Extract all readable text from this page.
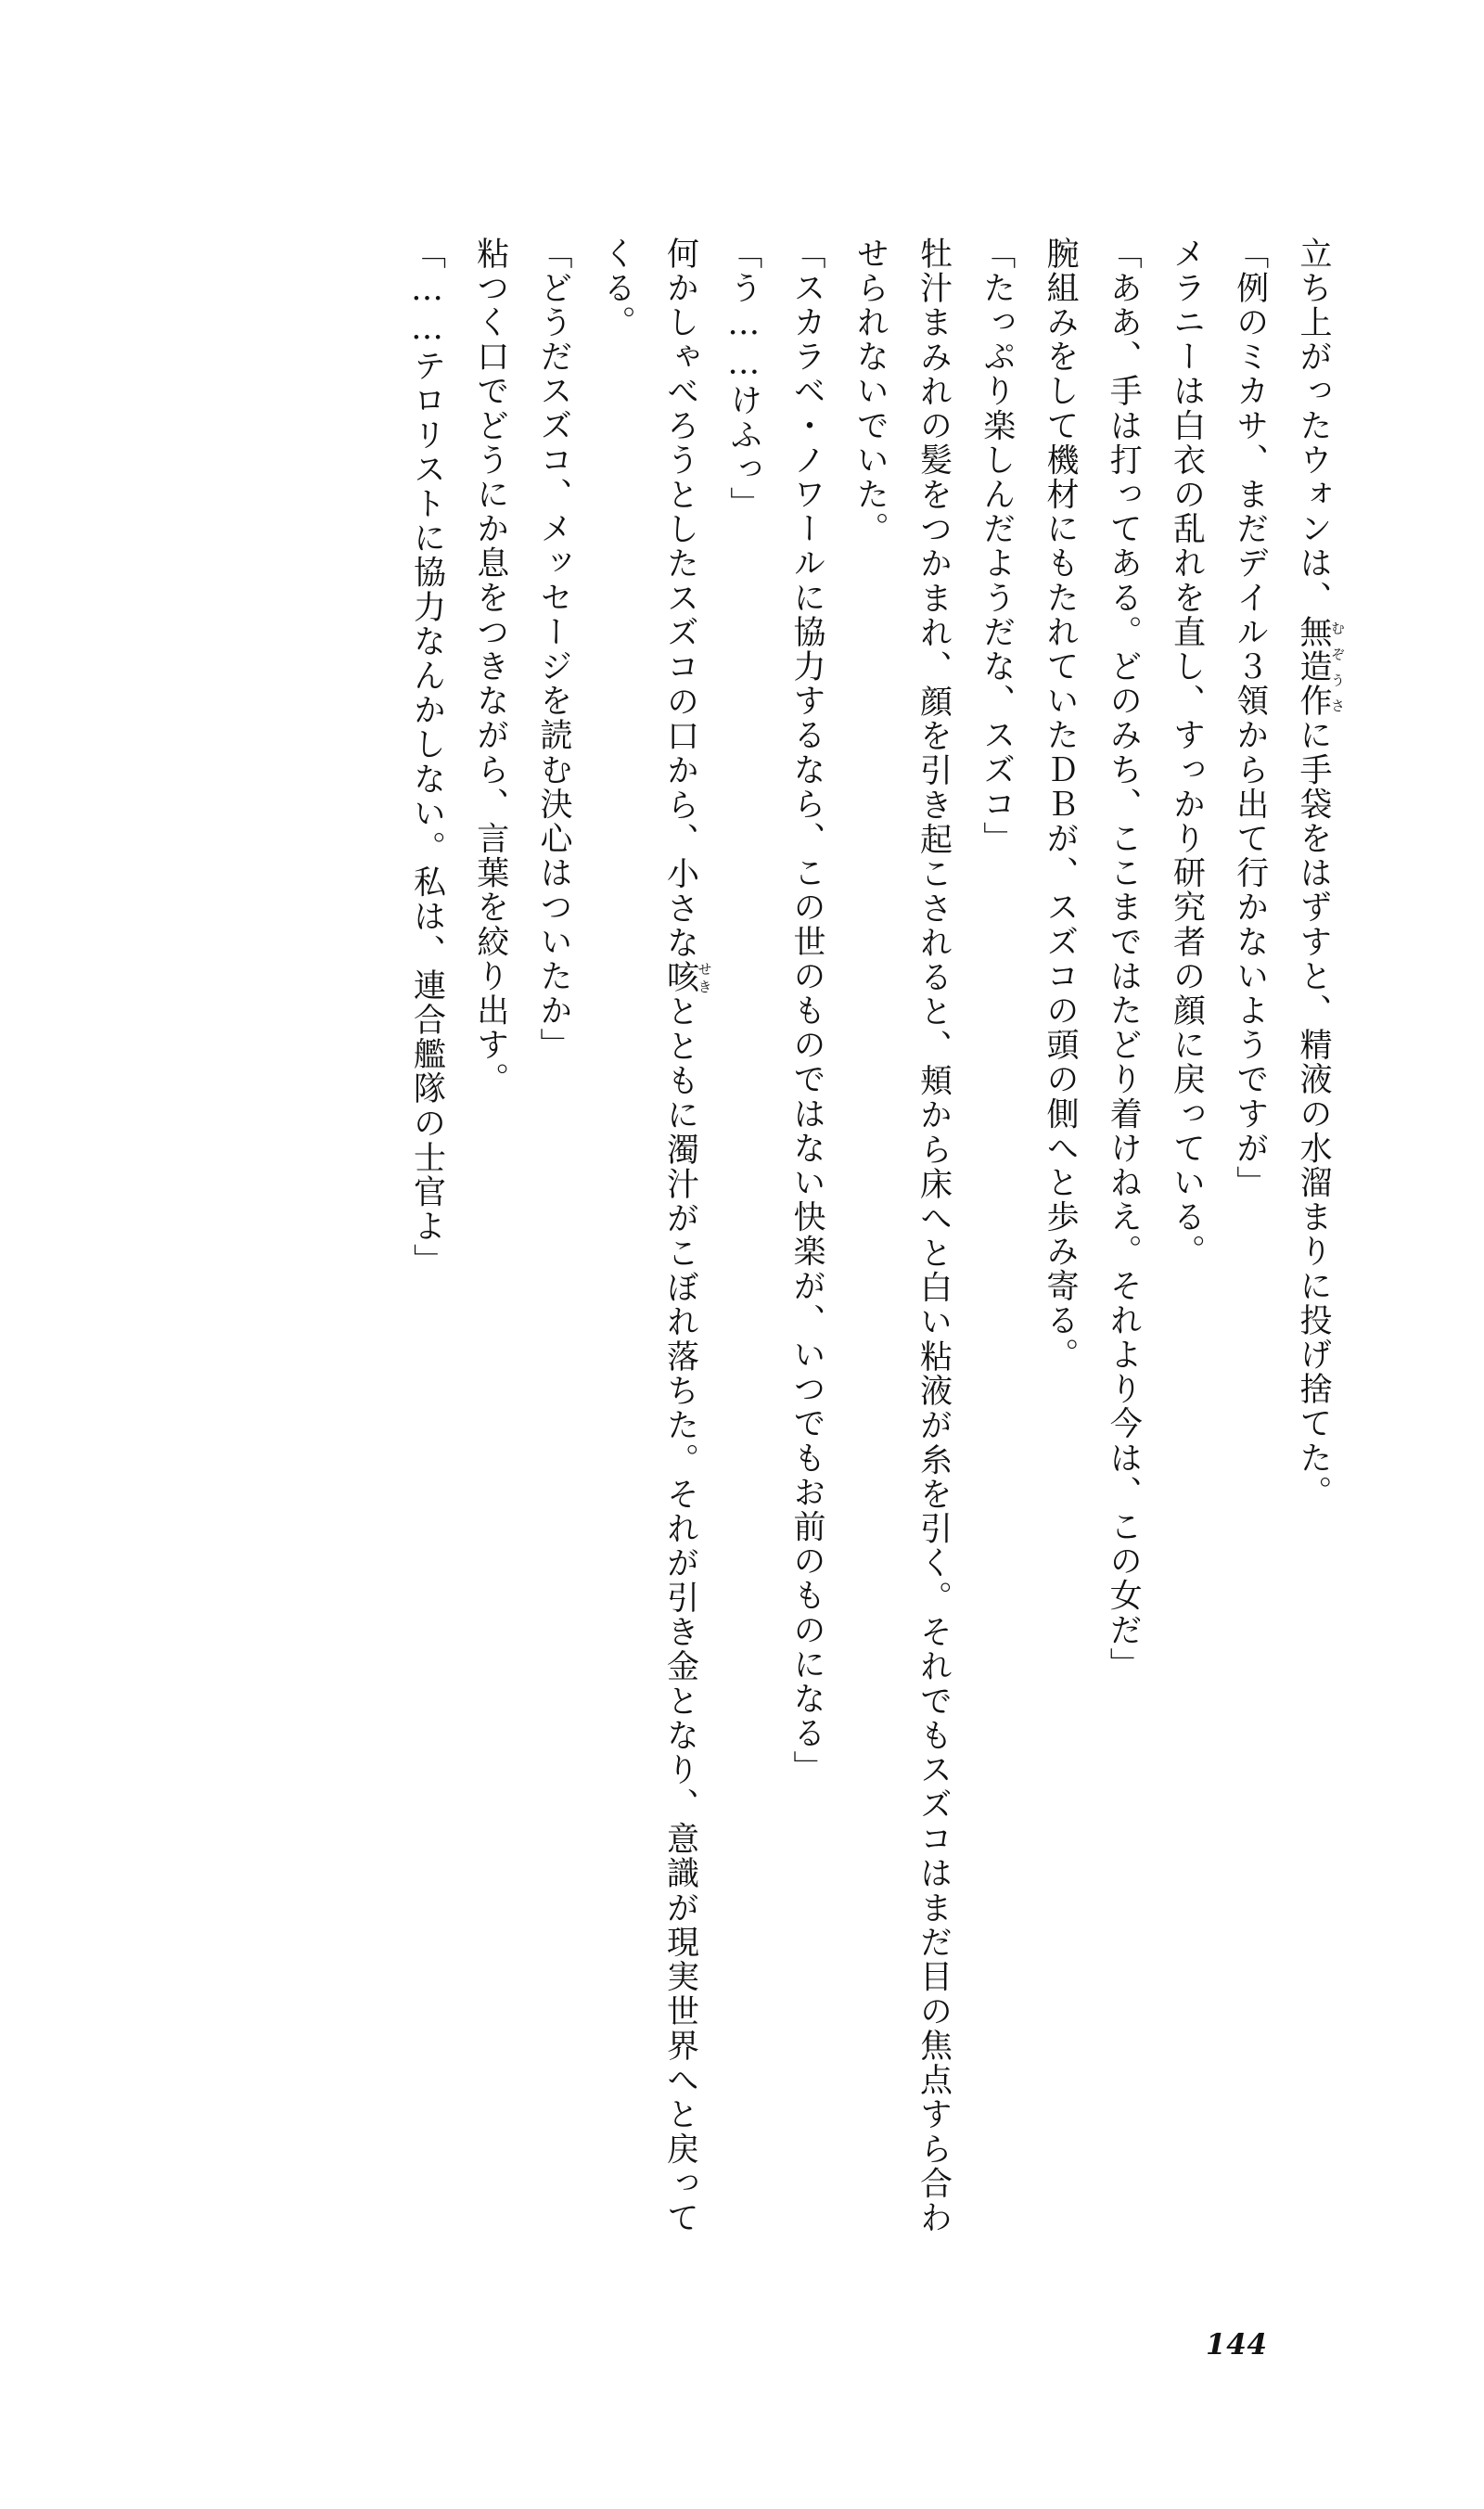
立ち上がったウォンは、無造作むぞうさに手袋をはずすと、精液の水溜まりに投げ捨てた。

「例のミカサ、まだデイル３領から出て行かないようですが」

メラニーは白衣の乱れを直し、すっかり研究者の顔に戻っている。

「ああ、手は打ってある。どのみち、ここまではたどり着けねえ。それより今は、この女だ」

腕組みをして機材にもたれていたＤＢが、スズコの頭の側へと歩み寄る。

「たっぷり楽しんだようだな、スズコ」

牡汁まみれの髪をつかまれ、顔を引き起こされると、頬から床へと白い粘液が糸を引く。それでもスズコはまだ目の焦点すら合わせられないでいた。

「スカラベ・ノワールに協力するなら、この世のものではない快楽が、いつでもお前のものになる」

「う……けふっ」

何かしゃべろうとしたスズコの口から、小さな咳せきとともに濁汁がこぼれ落ちた。それが引き金となり、意識が現実世界へと戻ってくる。

「どうだスズコ、メッセージを読む決心はついたか」

粘つく口でどうにか息をつきながら、言葉を絞り出す。

「……テロリストに協力なんかしない。私は、連合艦隊の士官よ」

144
